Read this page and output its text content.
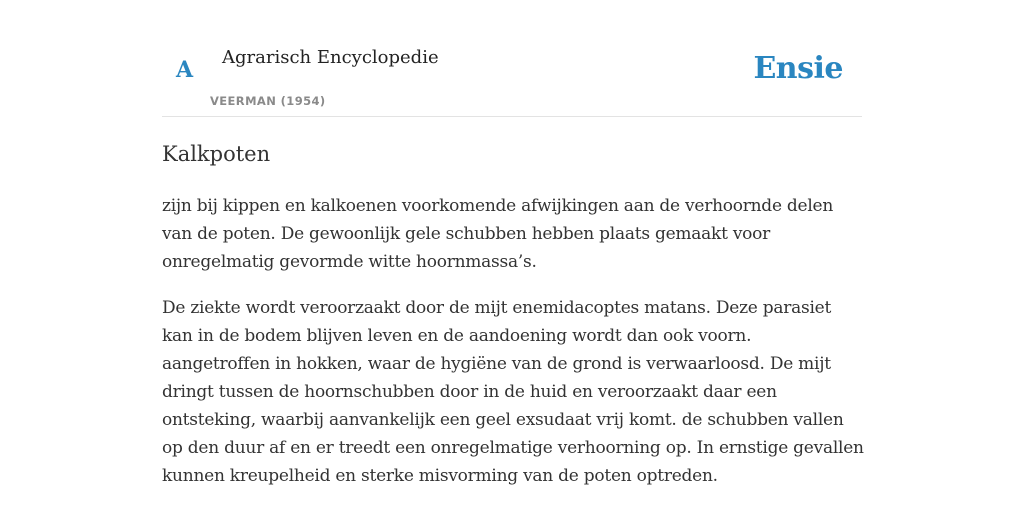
A Agrarisch Encyclopedie
VEERMAN (1954)
Ensie
Kalkpoten

zijn bij kippen en kalkoenen voorkomende afwijkingen aan de verhoornde delen
van de poten. De gewoonlijk gele schubben hebben plaats gemaakt voor
onregelmatig gevormde witte hoornmassa’s.

De ziekte wordt veroorzaakt door de mijt enemidacoptes matans. Deze parasiet
kan in de bodem blijven leven en de aandoening wordt dan ook voorn.
aangetroffen in hokken, waar de hygiëne van de grond is verwaarloosd. De mijt
dringt tussen de hoornschubben door in de huid en veroorzaakt daar een
ontsteking, waarbij aanvankelijk een geel exsudaat vrij komt. de schubben vallen
op den duur af en er treedt een onregelmatige verhoorning op. In ernstige gevallen
kunnen kreupelheid en sterke misvorming van de poten optreden.
